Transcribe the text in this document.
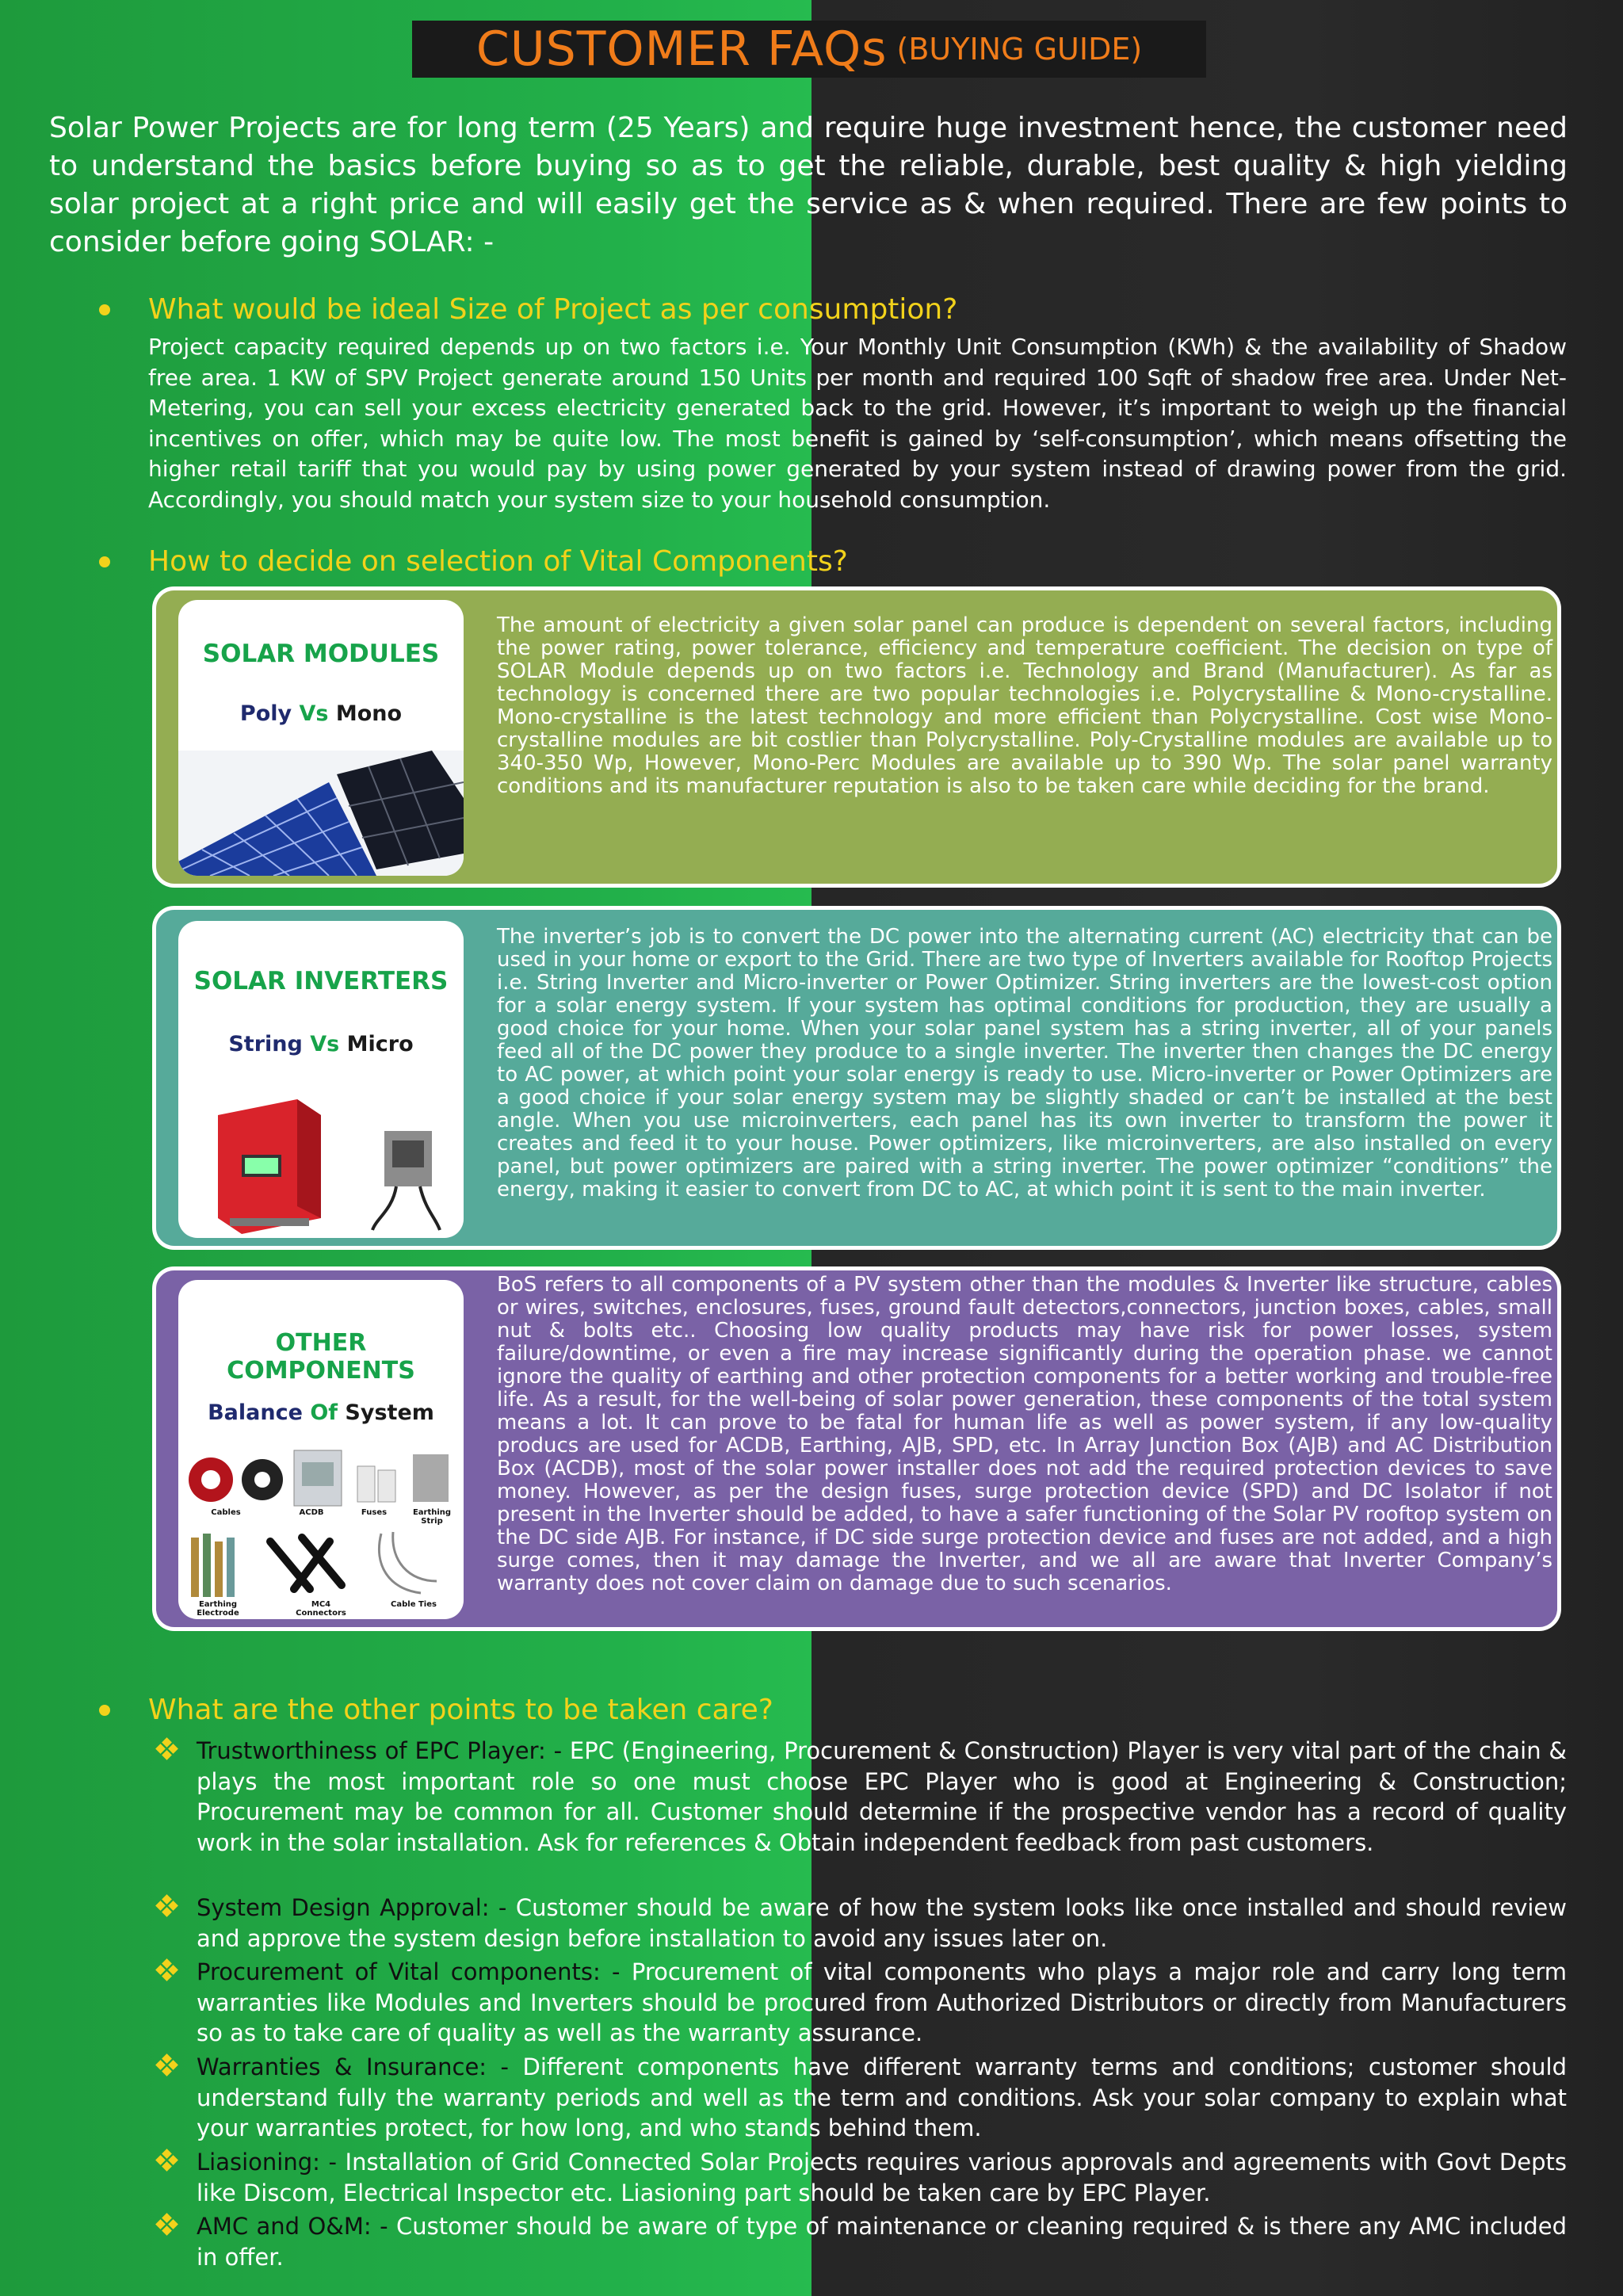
CUSTOMER FAQs (BUYING GUIDE)
Solar Power Projects are for long term (25 Years) and require huge investment hence, the customer need to understand the basics before buying so as to get the reliable, durable, best quality & high yielding solar project at a right price and will easily get the service as & when required. There are few points to consider before going SOLAR: -
What would be ideal Size of Project as per consumption?
Project capacity required depends up on two factors i.e. Your Monthly Unit Consumption (KWh) & the availability of Shadow free area. 1 KW of SPV Project generate around 150 Units per month and required 100 Sqft of shadow free area. Under Net-Metering, you can sell your excess electricity generated back to the grid. However, it’s important to weigh up the financial incentives on offer, which may be quite low. The most benefit is gained by ‘self-consumption’, which means offsetting the higher retail tariff that you would pay by using power generated by your system instead of drawing power from the grid. Accordingly, you should match your system size to your household consumption.
How to decide on selection of Vital Components?
SOLAR MODULES
Poly Vs Mono
The amount of electricity a given solar panel can produce is dependent on several factors, including the power rating, power tolerance, efficiency and temperature coefficient. The decision on type of SOLAR Module depends up on two factors i.e. Technology and Brand (Manufacturer). As far as technology is concerned there are two popular technologies i.e. Polycrystalline & Mono-crystalline. Mono-crystalline is the latest technology and more efficient than Polycrystalline. Cost wise Mono-crystalline modules are bit costlier than Polycrystalline. Poly-Crystalline modules are available up to 340-350 Wp, However, Mono-Perc Modules are available up to 390 Wp. The solar panel warranty conditions and its manufacturer reputation is also to be taken care while deciding for the brand.
SOLAR INVERTERS
String Vs Micro
The inverter’s job is to convert the DC power into the alternating current (AC) electricity that can be used in your home or export to the Grid. There are two type of Inverters available for Rooftop Projects i.e. String Inverter and Micro-inverter or Power Optimizer. String inverters are the lowest-cost option for a solar energy system. If your system has optimal conditions for production, they are usually a good choice for your home. When your solar panel system has a string inverter, all of your panels feed all of the DC power they produce to a single inverter. The inverter then changes the DC energy to AC power, at which point your solar energy is ready to use. Micro-inverter or Power Optimizers are a good choice if your solar energy system may be slightly shaded or can’t be installed at the best angle. When you use microinverters, each panel has its own inverter to transform the power it creates and feed it to your house. Power optimizers, like microinverters, are also installed on every panel, but power optimizers are paired with a string inverter. The power optimizer “conditions” the energy, making it easier to convert from DC to AC, at which point it is sent to the main inverter.
OTHER COMPONENTS
Balance Of System
Cables	ACDB	Fuses	Earthing Strip
Earthing Electrode
MC4 Connectors
Cable Ties
BoS refers to all components of a PV system other than the modules & Inverter like structure, cables or wires, switches, enclosures, fuses, ground fault detectors,connectors, junction boxes, cables, small nut & bolts etc.. Choosing low quality products may have risk for power losses, system failure/downtime, or even a fire may increase significantly during the operation phase. we cannot ignore the quality of earthing and other protection components for a better working and trouble-free life. As a result, for the well-being of solar power generation, these components of the total system means a lot. It can prove to be fatal for human life as well as power system, if any low-quality producs are used for ACDB, Earthing, AJB, SPD, etc. In Array Junction Box (AJB) and AC Distribution Box (ACDB), most of the solar power installer does not add the required protection devices to save money. However, as per the design fuses, surge protection device (SPD) and DC Isolator if not present in the Inverter should be added, to have a safer functioning of the Solar PV rooftop system on the DC side AJB. For instance, if DC side surge protection device and fuses are not added, and a high surge comes, then it may damage the Inverter, and we all are aware that Inverter Company’s warranty does not cover claim on damage due to such scenarios.
What are the other points to be taken care?
Trustworthiness of EPC Player: - EPC (Engineering, Procurement & Construction) Player is very vital part of the chain & plays the most important role so one must choose EPC Player who is good at Engineering & Construction; Procurement may be common for all. Customer should determine if the prospective vendor has a record of quality work in the solar installation. Ask for references & Obtain independent feedback from past customers.
System Design Approval: - Customer should be aware of how the system looks like once installed and should review and approve the system design before installation to avoid any issues later on.
Procurement of Vital components: - Procurement of vital components who plays a major role and carry long term warranties like Modules and Inverters should be procured from Authorized Distributors or directly from Manufacturers so as to take care of quality as well as the warranty assurance.
Warranties & Insurance: - Different components have different warranty terms and conditions; customer should understand fully the warranty periods and well as the term and conditions. Ask your solar company to explain what your warranties protect, for how long, and who stands behind them.
Liasioning: - Installation of Grid Connected Solar Projects requires various approvals and agreements with Govt Depts like Discom, Electrical Inspector etc. Liasioning part should be taken care by EPC Player.
AMC and O&M: - Customer should be aware of type of maintenance or cleaning required & is there any AMC included in offer.
